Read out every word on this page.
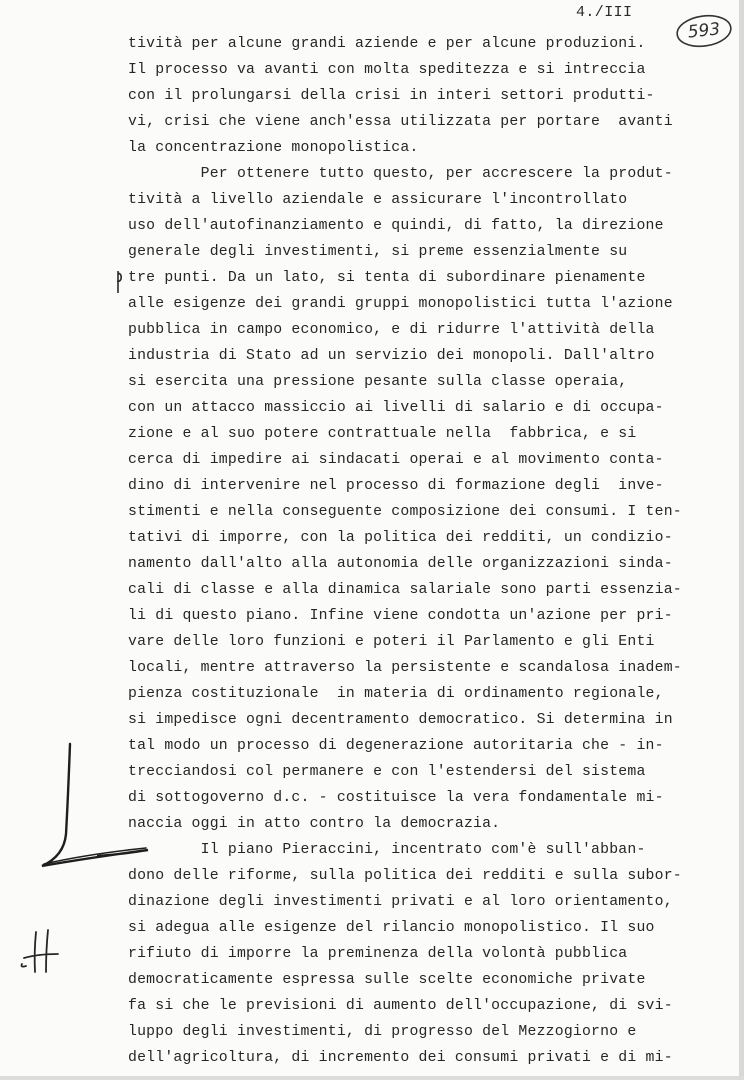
4./III
593
tività per alcune grandi aziende e per alcune produzioni.
Il processo va avanti con molta speditezza e si intreccia
con il prolungarsi della crisi in interi settori produtti-
vi, crisi che viene anch'essa utilizzata per portare  avanti
la concentrazione monopolistica.
Per ottenere tutto questo, per accrescere la produt-
tività a livello aziendale e assicurare l'incontrollato
uso dell'autofinanziamento e quindi, di fatto, la direzione
generale degli investimenti, si preme essenzialmente su
tre punti. Da un lato, si tenta di subordinare pienamente
alle esigenze dei grandi gruppi monopolistici tutta l'azione
pubblica in campo economico, e di ridurre l'attività della
industria di Stato ad un servizio dei monopoli. Dall'altro
si esercita una pressione pesante sulla classe operaia,
con un attacco massiccio ai livelli di salario e di occupa-
zione e al suo potere contrattuale nella  fabbrica, e si
cerca di impedire ai sindacati operai e al movimento conta-
dino di intervenire nel processo di formazione degli  inve-
stimenti e nella conseguente composizione dei consumi. I ten-
tativi di imporre, con la politica dei redditi, un condizio-
namento dall'alto alla autonomia delle organizzazioni sinda-
cali di classe e alla dinamica salariale sono parti essenzia-
li di questo piano. Infine viene condotta un'azione per pri-
vare delle loro funzioni e poteri il Parlamento e gli Enti
locali, mentre attraverso la persistente e scandalosa inadem-
pienza costituzionale  in materia di ordinamento regionale,
si impedisce ogni decentramento democratico. Si determina in
tal modo un processo di degenerazione autoritaria che - in-
trecciandosi col permanere e con l'estendersi del sistema
di sottogoverno d.c. - costituisce la vera fondamentale mi-
naccia oggi in atto contro la democrazia.
Il piano Pieraccini, incentrato com'è sull'abban-
dono delle riforme, sulla politica dei redditi e sulla subor-
dinazione degli investimenti privati e al loro orientamento,
si adegua alle esigenze del rilancio monopolistico. Il suo
rifiuto di imporre la preminenza della volontà pubblica
democraticamente espressa sulle scelte economiche private
fa si che le previsioni di aumento dell'occupazione, di svi-
luppo degli investimenti, di progresso del Mezzogiorno e
dell'agricoltura, di incremento dei consumi privati e di mi-
